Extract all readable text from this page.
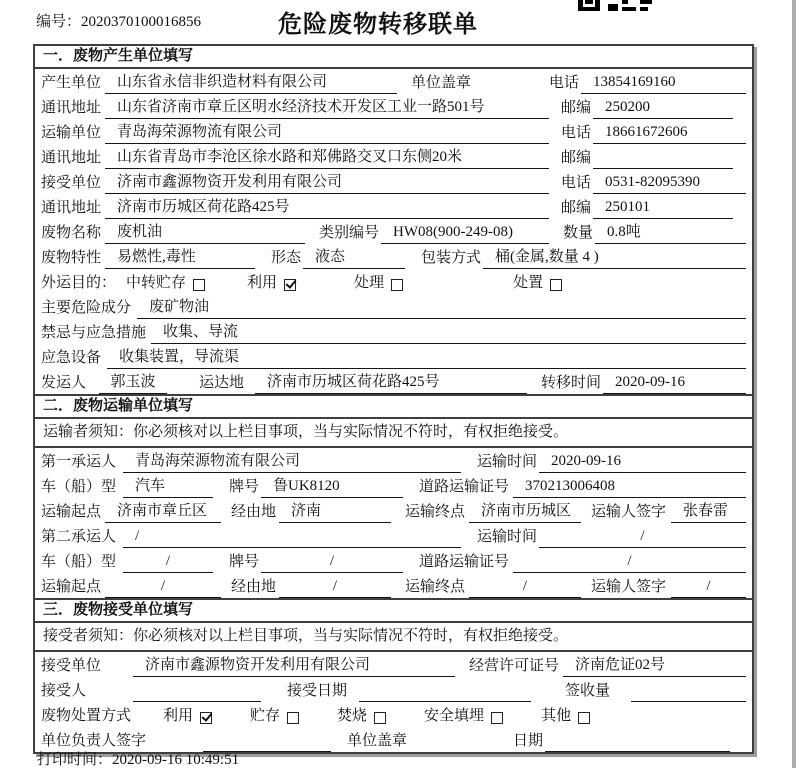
编号：2020370100016856	危险废物转移联单
一．废物产生单位填写
产生单位	山东省永信非织造材料有限公司	单位盖章	电话 13854169160
通讯地址	山东省济南市章丘区明水经济技术开发区工业一路501号	邮编 250200
运输单位	青岛海荣源物流有限公司	电话 18661672606
通讯地址	山东省青岛市李沧区徐水路和郑佛路交叉口东侧20米	邮编
接受单位	济南市鑫源物资开发利用有限公司	电话 0531-82095390
通讯地址	济南市历城区荷花路425号	邮编 250101
废物名称	废机油	类别编号 HW08(900-249-08)	数量 0.8吨
废物特性	易燃性,毒性	形态 液态	包装方式 桶(金属,数量 4 )
外运目的： 中转贮存	利用	处理	处置
主要危险成分	废矿物油
禁忌与应急措施	收集、导流
应急设备	收集装置，导流渠
发运人	郭玉波	运达地	济南市历城区荷花路425号	转移时间 2020-09-16
二．废物运输单位填写
运输者须知：你必须核对以上栏目事项，当与实际情况不符时，有权拒绝接受。
第一承运人	青岛海荣源物流有限公司	运输时间 2020-09-16
车（船）型	汽车	牌号 鲁UK8120	道路运输证号	370213006408
运输起点	济南市章丘区	经由地 济南	运输终点	济南市历城区	运输人签字	张春雷
第二承运人	/	运输时间	/
车（船）型	/	牌号	/	道路运输证号	/
运输起点	/	经由地	/	运输终点	/	运输人签字	/
三．废物接受单位填写
接受者须知：你必须核对以上栏目事项，当与实际情况不符时，有权拒绝接受。
接受单位	济南市鑫源物资开发利用有限公司	经营许可证号	济南危证02号
接受人	接受日期	签收量
废物处置方式 利用	贮存	焚烧	安全填埋	其他
单位负责人签字	单位盖章	日期
打印时间：2020-09-16 10:49:51
